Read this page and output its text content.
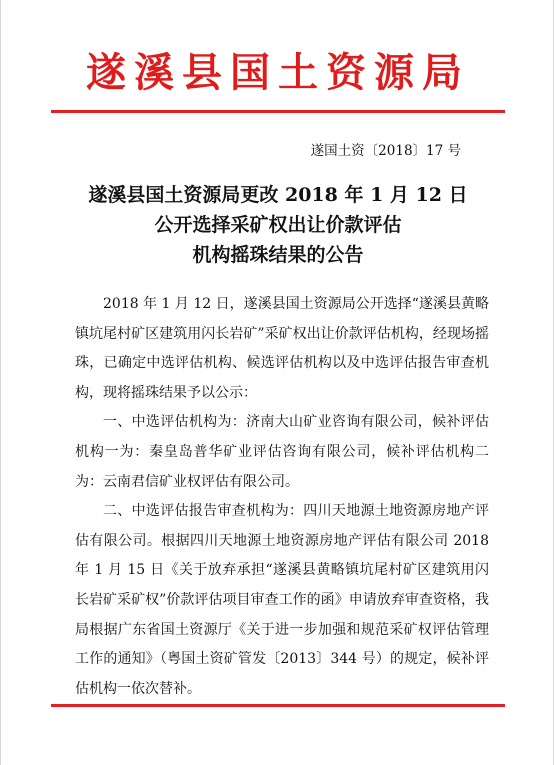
遂溪县国土资源局
遂国土资〔2018〕17 号
遂溪县国土资源局更改 2018 年 1 月 12 日
公开选择采矿权出让价款评估
机构摇珠结果的公告

2018 年 1 月 12 日，遂溪县国土资源局公开选择“遂溪县黄略镇坑尾村矿区建筑用闪长岩矿”采矿权出让价款评估机构，经现场摇珠，已确定中选评估机构、候选评估机构以及中选评估报告审查机构，现将摇珠结果予以公示：

一、中选评估机构为：济南大山矿业咨询有限公司，候补评估机构一为：秦皇岛普华矿业评估咨询有限公司，候补评估机构二为：云南君信矿业权评估有限公司。

二、中选评估报告审查机构为：四川天地源土地资源房地产评估有限公司。根据四川天地源土地资源房地产评估有限公司 2018 年 1 月 15 日《关于放弃承担“遂溪县黄略镇坑尾村矿区建筑用闪长岩矿采矿权”价款评估项目审查工作的函》申请放弃审查资格，我局根据广东省国土资源厅《关于进一步加强和规范采矿权评估管理工作的通知》（粤国土资矿管发〔2013〕344 号）的规定，候补评估机构一依次替补。
